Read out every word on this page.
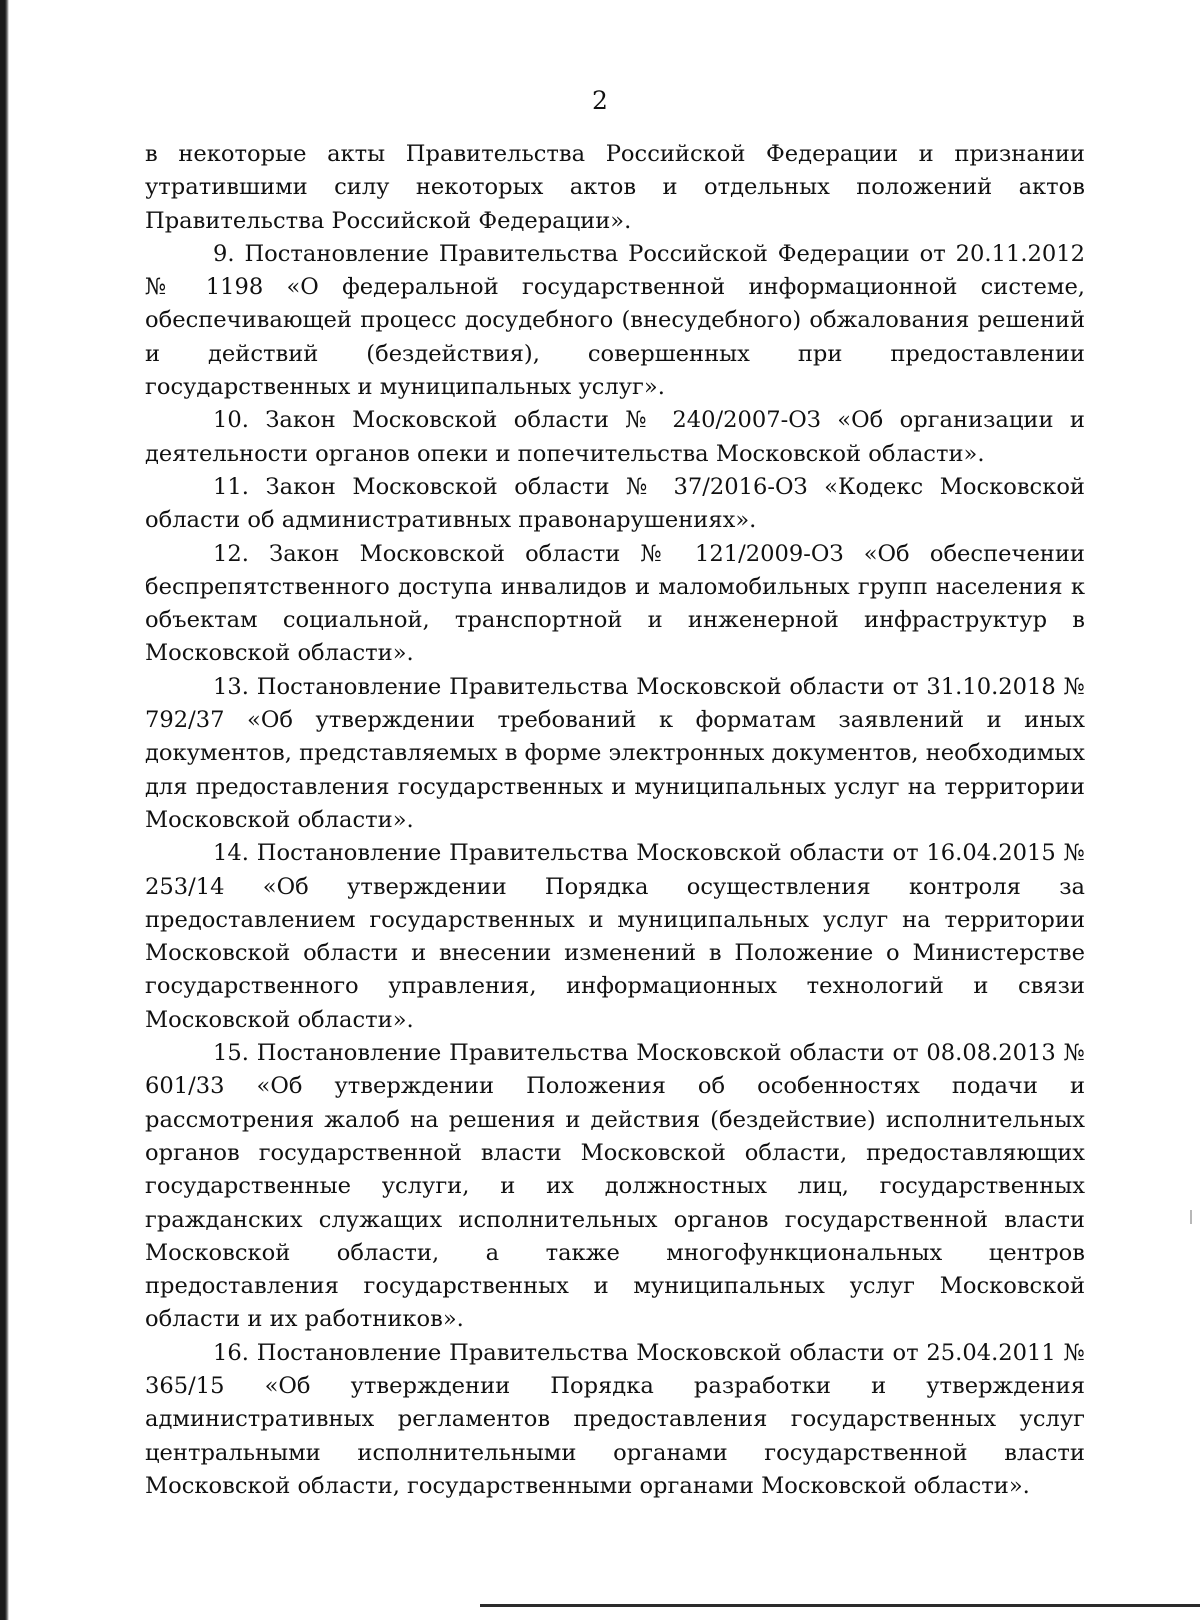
2

в некоторые акты Правительства Российской Федерации и признании утратившими силу некоторых актов и отдельных положений актов Правительства Российской Федерации».

9. Постановление Правительства Российской Федерации от 20.11.2012 № 1198 «О федеральной государственной информационной системе, обеспечивающей процесс досудебного (внесудебного) обжалования решений и действий (бездействия), совершенных при предоставлении государственных и муниципальных услуг».

10. Закон Московской области № 240/2007-ОЗ «Об организации и деятельности органов опеки и попечительства Московской области».

11. Закон Московской области № 37/2016-ОЗ «Кодекс Московской области об административных правонарушениях».

12. Закон Московской области № 121/2009-ОЗ «Об обеспечении беспрепятственного доступа инвалидов и маломобильных групп населения к объектам социальной, транспортной и инженерной инфраструктур в Московской области».

13. Постановление Правительства Московской области от 31.10.2018 № 792/37 «Об утверждении требований к форматам заявлений и иных документов, представляемых в форме электронных документов, необходимых для предоставления государственных и муниципальных услуг на территории Московской области».

14. Постановление Правительства Московской области от 16.04.2015 № 253/14 «Об утверждении Порядка осуществления контроля за предоставлением государственных и муниципальных услуг на территории Московской области и внесении изменений в Положение о Министерстве государственного управления, информационных технологий и связи Московской области».

15. Постановление Правительства Московской области от 08.08.2013 № 601/33 «Об утверждении Положения об особенностях подачи и рассмотрения жалоб на решения и действия (бездействие) исполнительных органов государственной власти Московской области, предоставляющих государственные услуги, и их должностных лиц, государственных гражданских служащих исполнительных органов государственной власти Московской области, а также многофункциональных центров предоставления государственных и муниципальных услуг Московской области и их работников».

16. Постановление Правительства Московской области от 25.04.2011 № 365/15 «Об утверждении Порядка разработки и утверждения административных регламентов предоставления государственных услуг центральными исполнительными органами государственной власти Московской области, государственными органами Московской области».
